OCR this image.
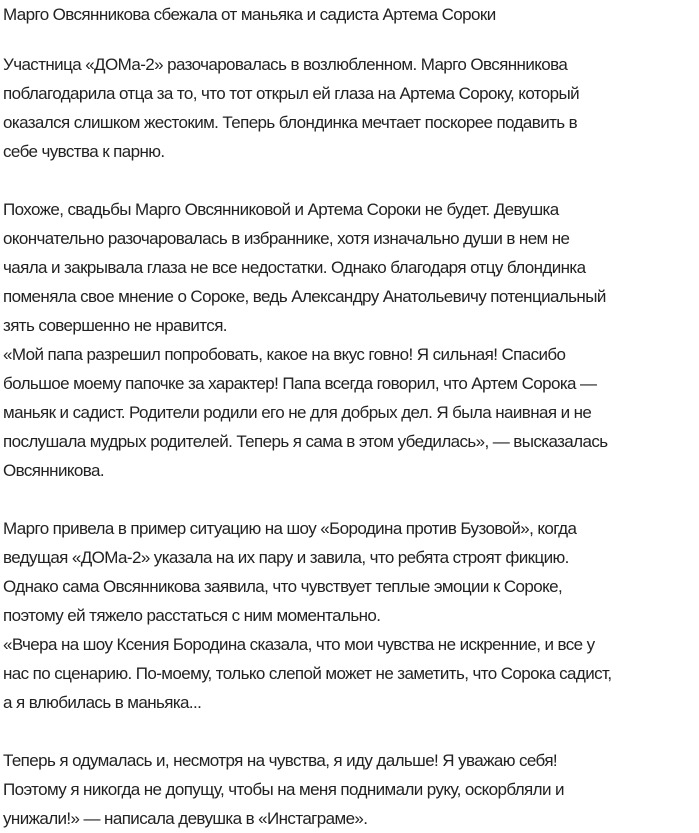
Марго Овсянникова сбежала от маньяка и садиста Артема Сороки

Участница «ДОМа-2» разочаровалась в возлюбленном. Марго Овсянникова
поблагодарила отца за то, что тот открыл ей глаза на Артема Сороку, который
оказался слишком жестоким. Теперь блондинка мечтает поскорее подавить в
себе чувства к парню.

Похоже, свадьбы Марго Овсянниковой и Артема Сороки не будет. Девушка
окончательно разочаровалась в избраннике, хотя изначально души в нем не
чаяла и закрывала глаза не все недостатки. Однако благодаря отцу блондинка
поменяла свое мнение о Сороке, ведь Александру Анатольевичу потенциальный
зять совершенно не нравится.

«Мой папа разрешил попробовать, какое на вкус говно! Я сильная! Спасибо
большое моему папочке за характер! Папа всегда говорил, что Артем Сорока —
маньяк и садист. Родители родили его не для добрых дел. Я была наивная и не
послушала мудрых родителей. Теперь я сама в этом убедилась», — высказалась
Овсянникова.

Марго привела в пример ситуацию на шоу «Бородина против Бузовой», когда
ведущая «ДОМа-2» указала на их пару и завила, что ребята строят фикцию.
Однако сама Овсянникова заявила, что чувствует теплые эмоции к Сороке,
поэтому ей тяжело расстаться с ним моментально.

«Вчера на шоу Ксения Бородина сказала, что мои чувства не искренние, и все у
нас по сценарию. По-моему, только слепой может не заметить, что Сорока садист,
а я влюбилась в маньяка...

Теперь я одумалась и, несмотря на чувства, я иду дальше! Я уважаю себя!
Поэтому я никогда не допущу, чтобы на меня поднимали руку, оскорбляли и
унижали!» — написала девушка в «Инстаграме».
